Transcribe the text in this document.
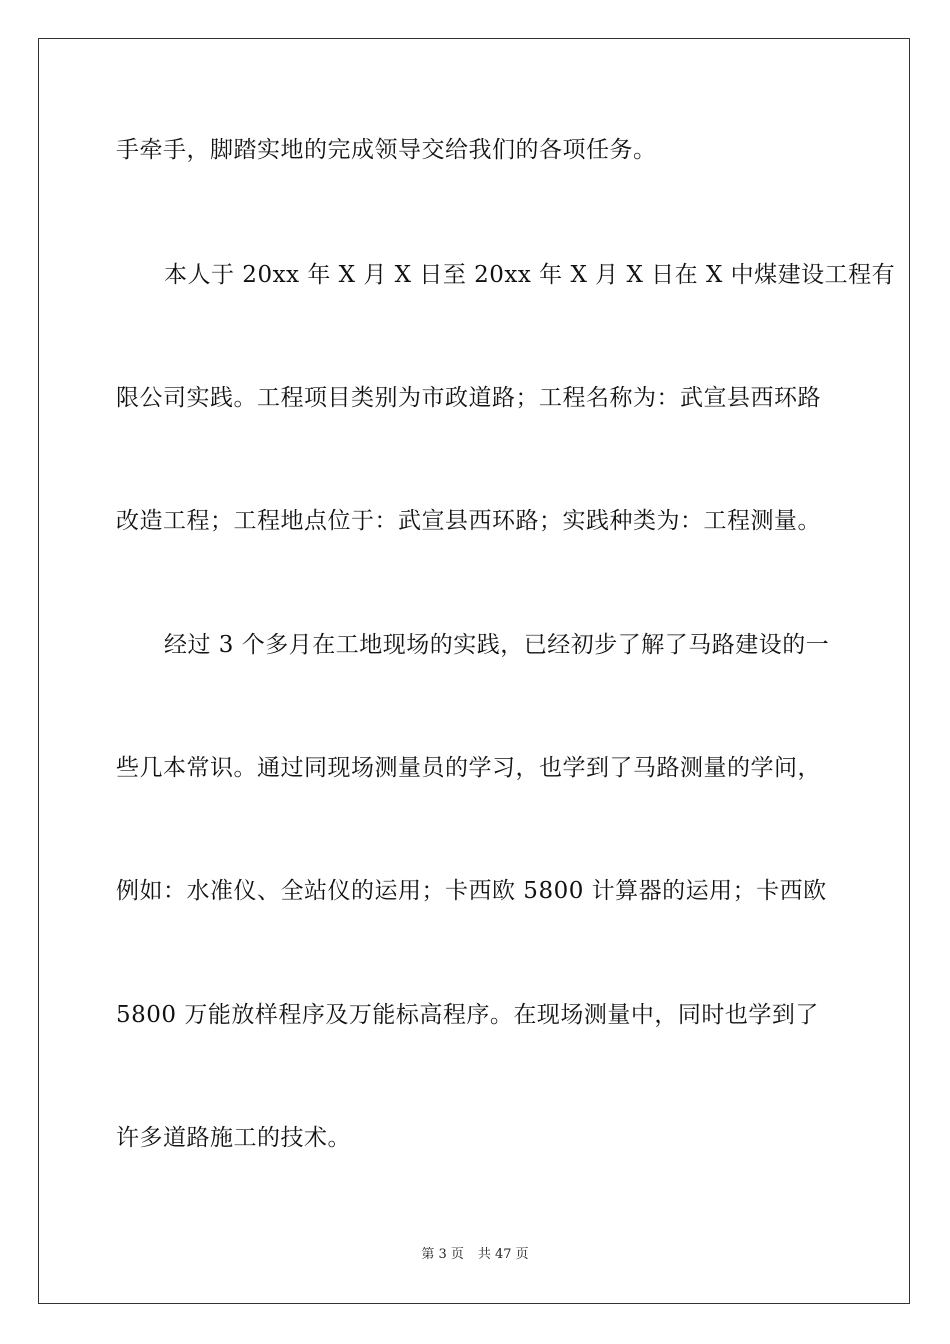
手牵手，脚踏实地的完成领导交给我们的各项任务。
本人于 20xx 年 X 月 X 日至 20xx 年 X 月 X 日在 X 中煤建设工程有
限公司实践。工程项目类别为市政道路；工程名称为：武宣县西环路
改造工程；工程地点位于：武宣县西环路；实践种类为：工程测量。
经过 3 个多月在工地现场的实践，已经初步了解了马路建设的一
些几本常识。通过同现场测量员的学习，也学到了马路测量的学问，
例如：水准仪、全站仪的运用；卡西欧 5800 计算器的运用；卡西欧
5800 万能放样程序及万能标高程序。在现场测量中，同时也学到了
许多道路施工的技术。
第 3 页 共 47 页
